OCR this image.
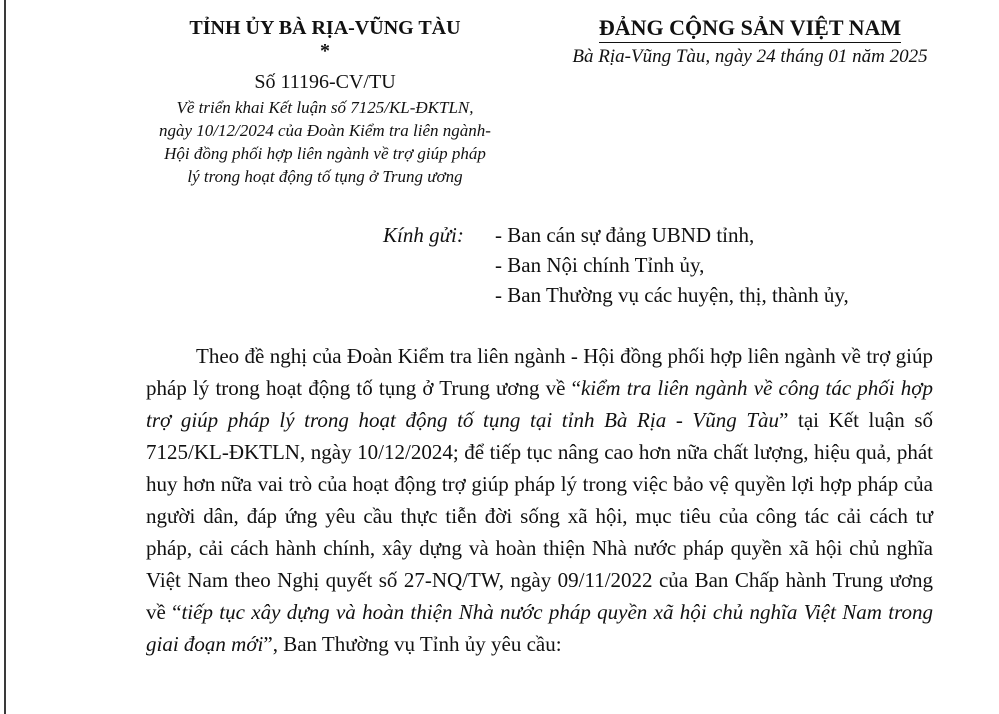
TỈNH ỦY BÀ RỊA-VŨNG TÀU
*
Số 11196-CV/TU
Về triển khai Kết luận số 7125/KL-ĐKTLN,
ngày 10/12/2024 của Đoàn Kiểm tra liên ngành-
Hội đồng phối hợp liên ngành về trợ giúp pháp
lý trong hoạt động tố tụng ở Trung ương
ĐẢNG CỘNG SẢN VIỆT NAM
Bà Rịa-Vũng Tàu, ngày 24 tháng 01 năm 2025
Kính gửi:	- Ban cán sự đảng UBND tỉnh,
- Ban Nội chính Tỉnh ủy,
- Ban Thường vụ các huyện, thị, thành ủy,

Theo đề nghị của Đoàn Kiểm tra liên ngành - Hội đồng phối hợp liên ngành về trợ giúp pháp lý trong hoạt động tố tụng ở Trung ương về “kiểm tra liên ngành về công tác phối hợp trợ giúp pháp lý trong hoạt động tố tụng tại tỉnh Bà Rịa - Vũng Tàu” tại Kết luận số 7125/KL-ĐKTLN, ngày 10/12/2024; để tiếp tục nâng cao hơn nữa chất lượng, hiệu quả, phát huy hơn nữa vai trò của hoạt động trợ giúp pháp lý trong việc bảo vệ quyền lợi hợp pháp của người dân, đáp ứng yêu cầu thực tiễn đời sống xã hội, mục tiêu của công tác cải cách tư pháp, cải cách hành chính, xây dựng và hoàn thiện Nhà nước pháp quyền xã hội chủ nghĩa Việt Nam theo Nghị quyết số 27-NQ/TW, ngày 09/11/2022 của Ban Chấp hành Trung ương về “tiếp tục xây dựng và hoàn thiện Nhà nước pháp quyền xã hội chủ nghĩa Việt Nam trong giai đoạn mới”, Ban Thường vụ Tỉnh ủy yêu cầu:
